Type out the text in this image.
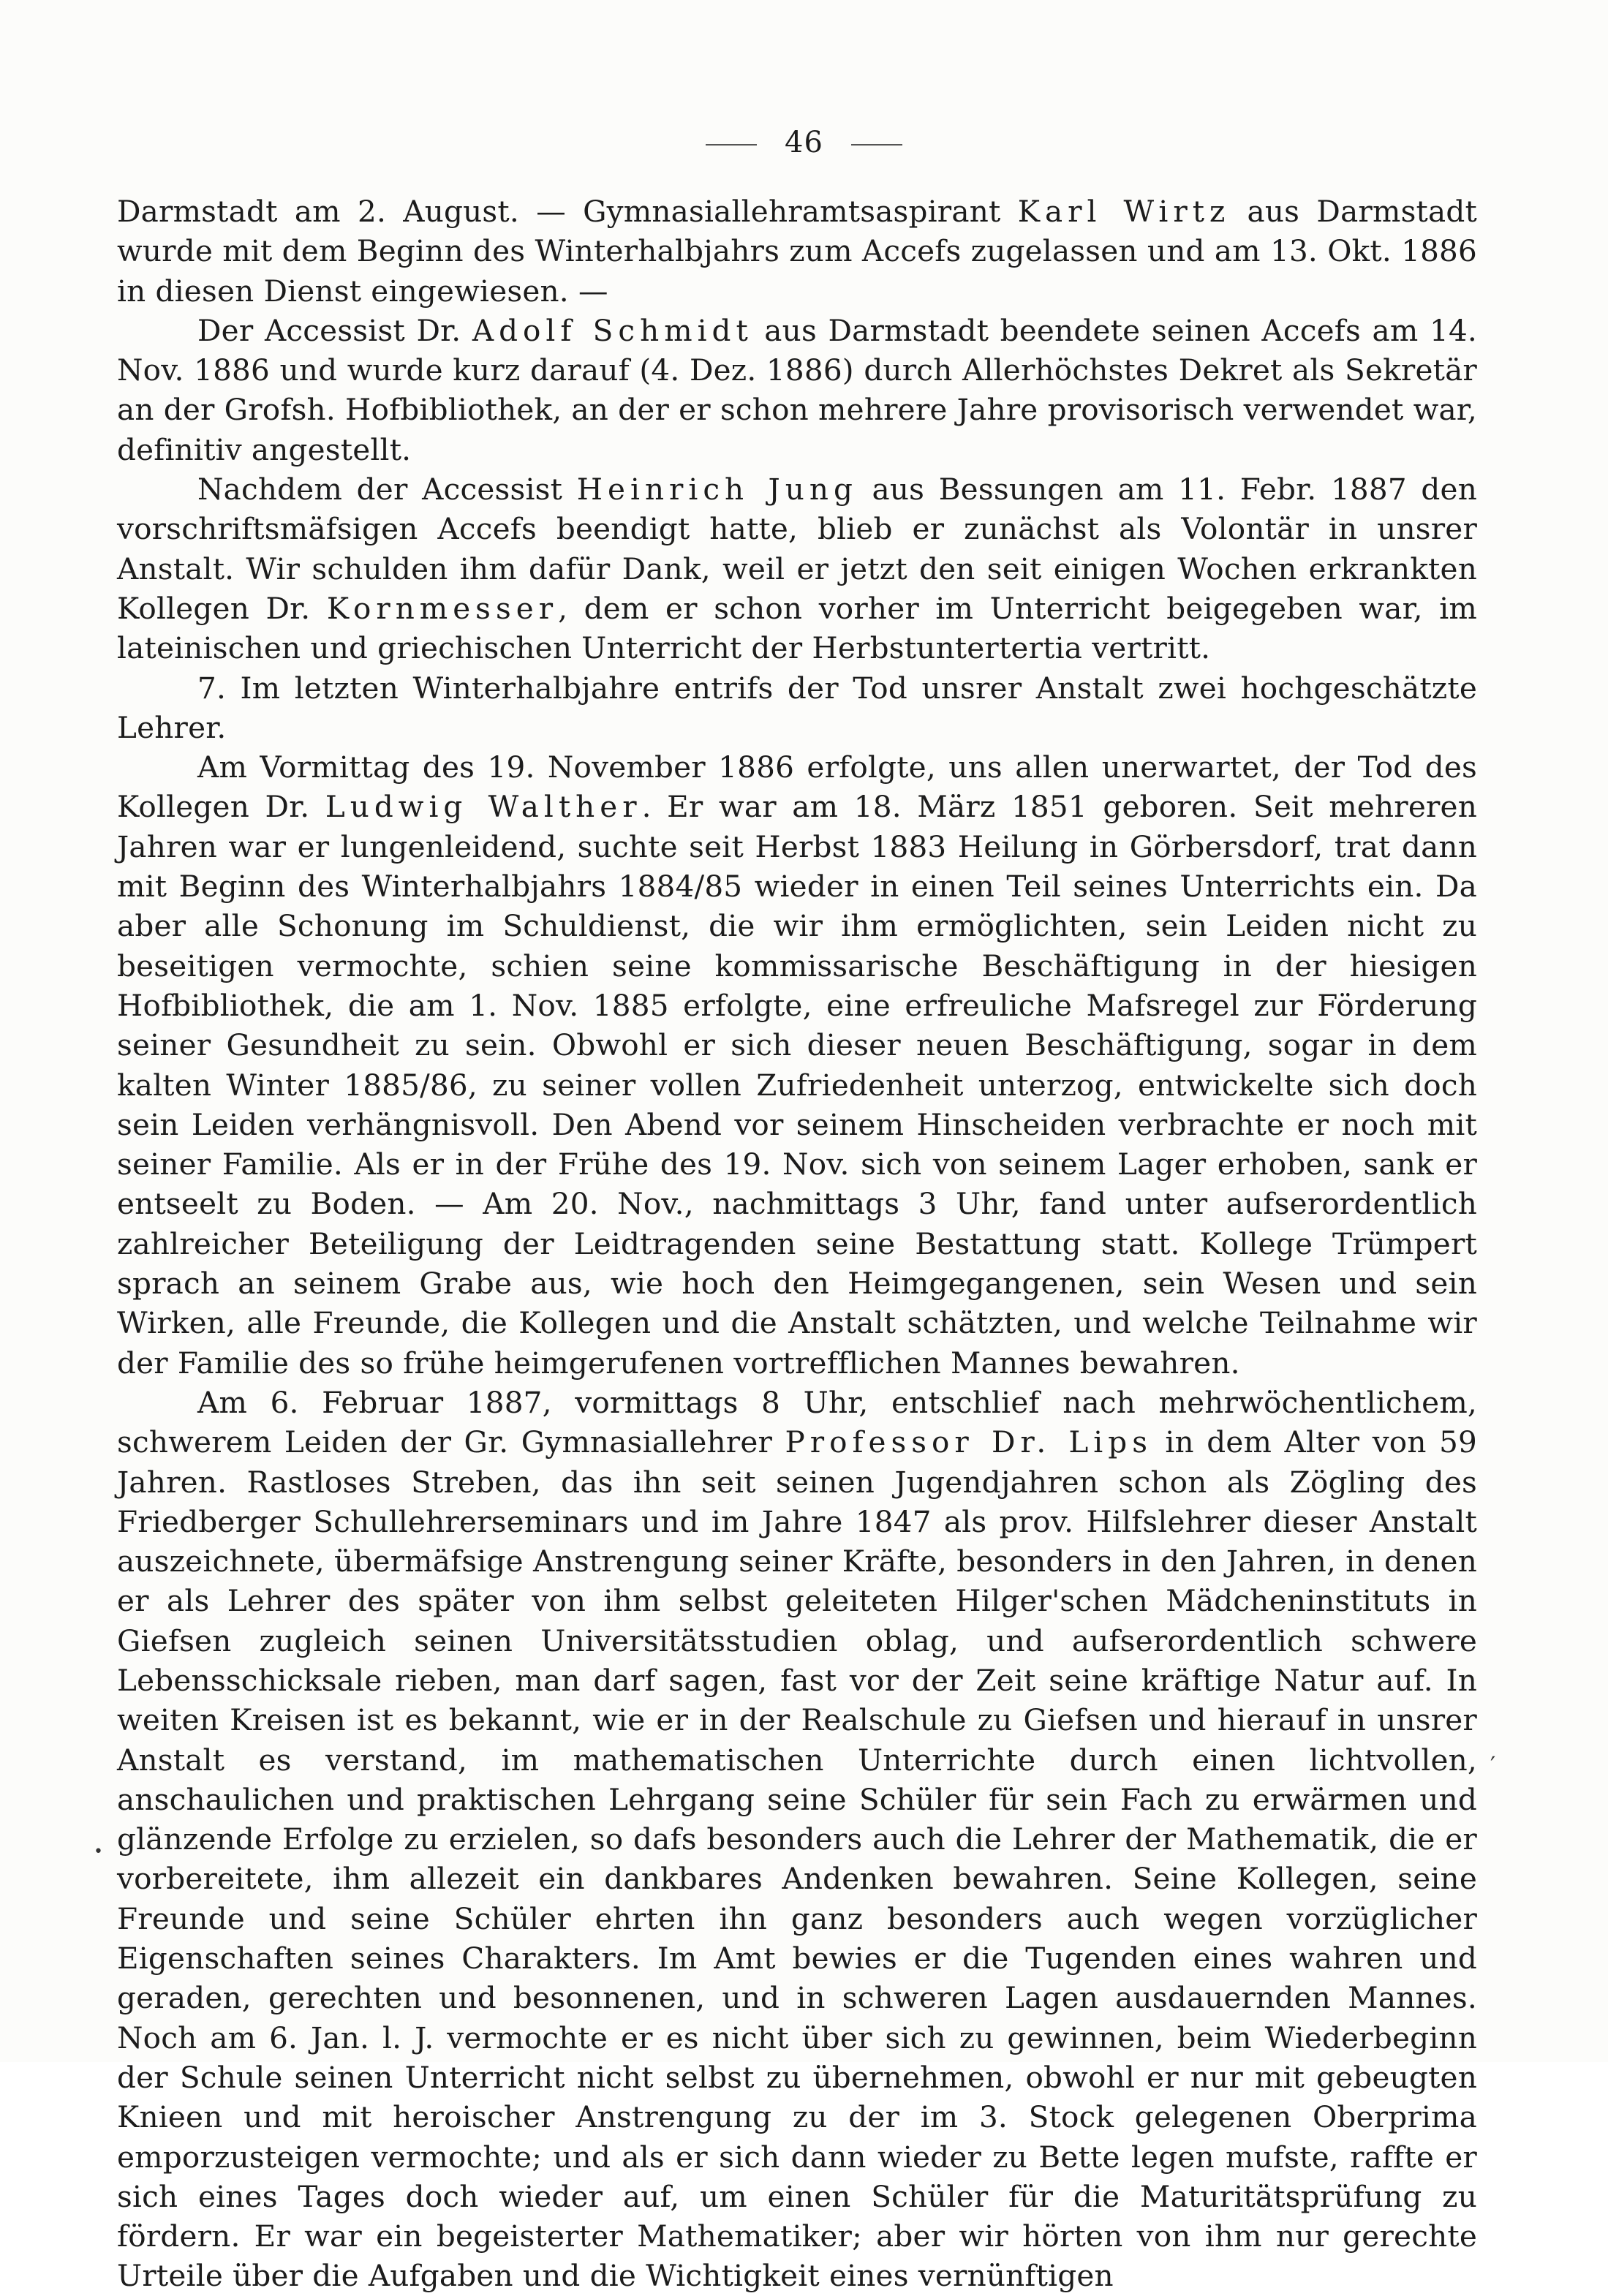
46

Darmstadt am 2. August. — Gymnasiallehramtsaspirant Karl Wirtz aus Darmstadt wurde mit dem Beginn des Winterhalbjahrs zum Accefs zugelassen und am 13. Okt. 1886 in diesen Dienst eingewiesen. —

Der Accessist Dr. Adolf Schmidt aus Darmstadt beendete seinen Accefs am 14. Nov. 1886 und wurde kurz darauf (4. Dez. 1886) durch Allerhöchstes Dekret als Sekretär an der Grofsh. Hofbibliothek, an der er schon mehrere Jahre provisorisch verwendet war, definitiv angestellt.

Nachdem der Accessist Heinrich Jung aus Bessungen am 11. Febr. 1887 den vorschriftsmäfsigen Accefs beendigt hatte, blieb er zunächst als Volontär in unsrer Anstalt. Wir schulden ihm dafür Dank, weil er jetzt den seit einigen Wochen erkrankten Kollegen Dr. Kornmesser, dem er schon vorher im Unterricht beigegeben war, im lateinischen und griechischen Unterricht der Herbstuntertertia vertritt.

7. Im letzten Winterhalbjahre entrifs der Tod unsrer Anstalt zwei hochgeschätzte Lehrer.

Am Vormittag des 19. November 1886 erfolgte, uns allen unerwartet, der Tod des Kollegen Dr. Ludwig Walther. Er war am 18. März 1851 geboren. Seit mehreren Jahren war er lungenleidend, suchte seit Herbst 1883 Heilung in Görbersdorf, trat dann mit Beginn des Winterhalbjahrs 1884/85 wieder in einen Teil seines Unterrichts ein. Da aber alle Schonung im Schuldienst, die wir ihm ermöglichten, sein Leiden nicht zu beseitigen vermochte, schien seine kommissarische Beschäftigung in der hiesigen Hofbibliothek, die am 1. Nov. 1885 erfolgte, eine erfreuliche Mafsregel zur Förderung seiner Gesundheit zu sein. Obwohl er sich dieser neuen Beschäftigung, sogar in dem kalten Winter 1885/86, zu seiner vollen Zufriedenheit unterzog, entwickelte sich doch sein Leiden verhängnisvoll. Den Abend vor seinem Hinscheiden verbrachte er noch mit seiner Familie. Als er in der Frühe des 19. Nov. sich von seinem Lager erhoben, sank er entseelt zu Boden. — Am 20. Nov., nachmittags 3 Uhr, fand unter aufserordentlich zahlreicher Beteiligung der Leidtragenden seine Bestattung statt. Kollege Trümpert sprach an seinem Grabe aus, wie hoch den Heimgegangenen, sein Wesen und sein Wirken, alle Freunde, die Kollegen und die Anstalt schätzten, und welche Teilnahme wir der Familie des so frühe heimgerufenen vortrefflichen Mannes bewahren.

Am 6. Februar 1887, vormittags 8 Uhr, entschlief nach mehrwöchentlichem, schwerem Leiden der Gr. Gymnasiallehrer Professor Dr. Lips in dem Alter von 59 Jahren. Rastloses Streben, das ihn seit seinen Jugendjahren schon als Zögling des Friedberger Schullehrerseminars und im Jahre 1847 als prov. Hilfslehrer dieser Anstalt auszeichnete, übermäfsige Anstrengung seiner Kräfte, besonders in den Jahren, in denen er als Lehrer des später von ihm selbst geleiteten Hilger'schen Mädcheninstituts in Giefsen zugleich seinen Universitätsstudien oblag, und aufserordentlich schwere Lebensschicksale rieben, man darf sagen, fast vor der Zeit seine kräftige Natur auf. In weiten Kreisen ist es bekannt, wie er in der Realschule zu Giefsen und hierauf in unsrer Anstalt es verstand, im mathematischen Unterrichte durch einen lichtvollen, anschaulichen und praktischen Lehrgang seine Schüler für sein Fach zu erwärmen und glänzende Erfolge zu erzielen, so dafs besonders auch die Lehrer der Mathematik, die er vorbereitete, ihm allezeit ein dankbares Andenken bewahren. Seine Kollegen, seine Freunde und seine Schüler ehrten ihn ganz besonders auch wegen vorzüglicher Eigenschaften seines Charakters. Im Amt bewies er die Tugenden eines wahren und geraden, gerechten und besonnenen, und in schweren Lagen ausdauernden Mannes. Noch am 6. Jan. l. J. vermochte er es nicht über sich zu gewinnen, beim Wiederbeginn der Schule seinen Unterricht nicht selbst zu übernehmen, obwohl er nur mit gebeugten Knieen und mit heroischer Anstrengung zu der im 3. Stock gelegenen Oberprima emporzusteigen vermochte; und als er sich dann wieder zu Bette legen mufste, raffte er sich eines Tages doch wieder auf, um einen Schüler für die Maturitätsprüfung zu fördern. Er war ein begeisterter Mathematiker; aber wir hörten von ihm nur gerechte Urteile über die Aufgaben und die Wichtigkeit eines vernünftigen

′
•
